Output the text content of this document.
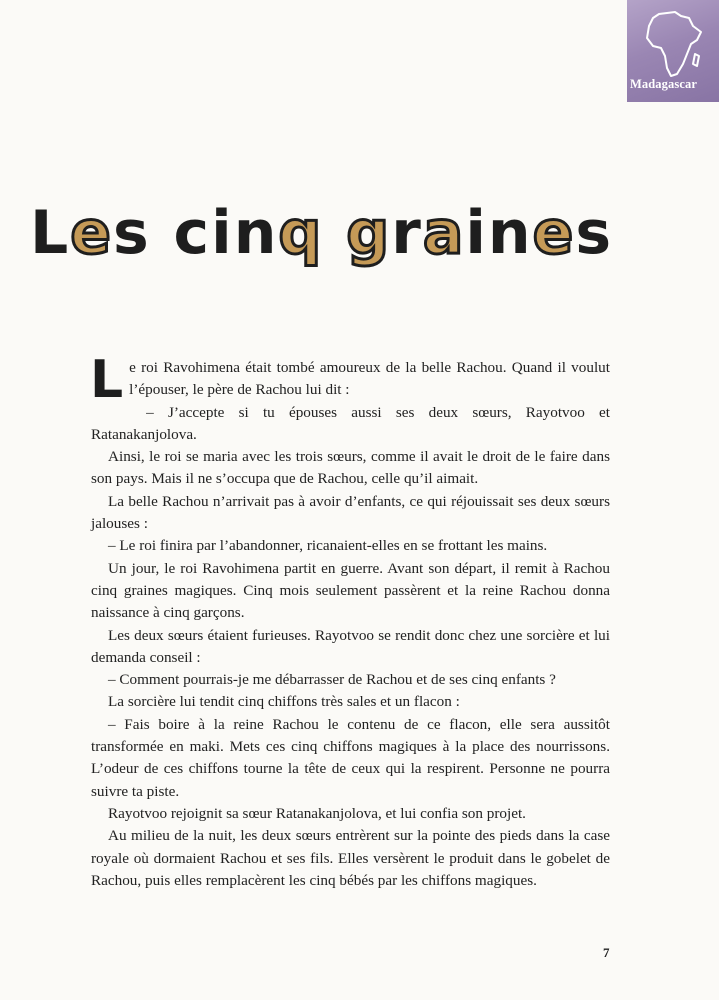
Madagascar
Les cinq graines

Le roi Ravohimena était tombé amoureux de la belle Rachou. Quand il voulut l’épouser, le père de Rachou lui dit :

– J’accepte si tu épouses aussi ses deux sœurs, Rayotvoo et Ratanakanjolova.

Ainsi, le roi se maria avec les trois sœurs, comme il avait le droit de le faire dans son pays. Mais il ne s’occupa que de Rachou, celle qu’il aimait.

La belle Rachou n’arrivait pas à avoir d’enfants, ce qui réjouissait ses deux sœurs jalouses :

– Le roi finira par l’abandonner, ricanaient-elles en se frottant les mains.

Un jour, le roi Ravohimena partit en guerre. Avant son départ, il remit à Rachou cinq graines magiques. Cinq mois seulement passèrent et la reine Rachou donna naissance à cinq garçons.

Les deux sœurs étaient furieuses. Rayotvoo se rendit donc chez une sorcière et lui demanda conseil :

– Comment pourrais-je me débarrasser de Rachou et de ses cinq enfants ?

La sorcière lui tendit cinq chiffons très sales et un flacon :

– Fais boire à la reine Rachou le contenu de ce flacon, elle sera aussitôt transformée en maki. Mets ces cinq chiffons magiques à la place des nourrissons. L’odeur de ces chiffons tourne la tête de ceux qui la respirent. Personne ne pourra suivre ta piste.

Rayotvoo rejoignit sa sœur Ratanakanjolova, et lui confia son projet.

Au milieu de la nuit, les deux sœurs entrèrent sur la pointe des pieds dans la case royale où dormaient Rachou et ses fils. Elles versèrent le produit dans le gobelet de Rachou, puis elles remplacèrent les cinq bébés par les chiffons magiques.

7
